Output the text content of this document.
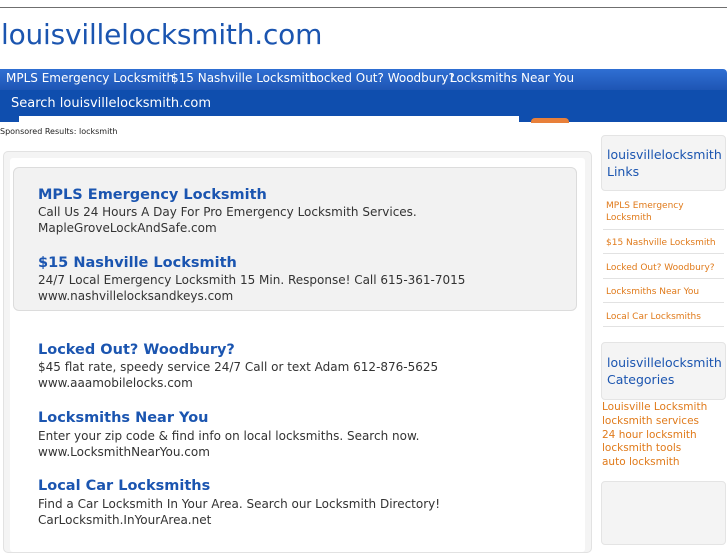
louisvillelocksmith.com
MPLS Emergency Locksmith
$15 Nashville Locksmith
Locked Out? Woodbury?
Locksmiths Near You
Search louisvillelocksmith.com
Sponsored Results: locksmith
MPLS Emergency Locksmith
Call Us 24 Hours A Day For Pro Emergency Locksmith Services.
MapleGroveLockAndSafe.com
$15 Nashville Locksmith
24/7 Local Emergency Locksmith 15 Min. Response! Call 615-361-7015
www.nashvillelocksandkeys.com
Locked Out? Woodbury?
$45 flat rate, speedy service 24/7 Call or text Adam 612-876-5625
www.aaamobilelocks.com
Locksmiths Near You
Enter your zip code & find info on local locksmiths. Search now.
www.LocksmithNearYou.com
Local Car Locksmiths
Find a Car Locksmith In Your Area. Search our Locksmith Directory!
CarLocksmith.InYourArea.net
louisvillelocksmith
Links
MPLS Emergency
Locksmith
$15 Nashville Locksmith
Locked Out? Woodbury?
Locksmiths Near You
Local Car Locksmiths
louisvillelocksmith
Categories
Louisville Locksmith
locksmith services
24 hour locksmith
locksmith tools
auto locksmith
